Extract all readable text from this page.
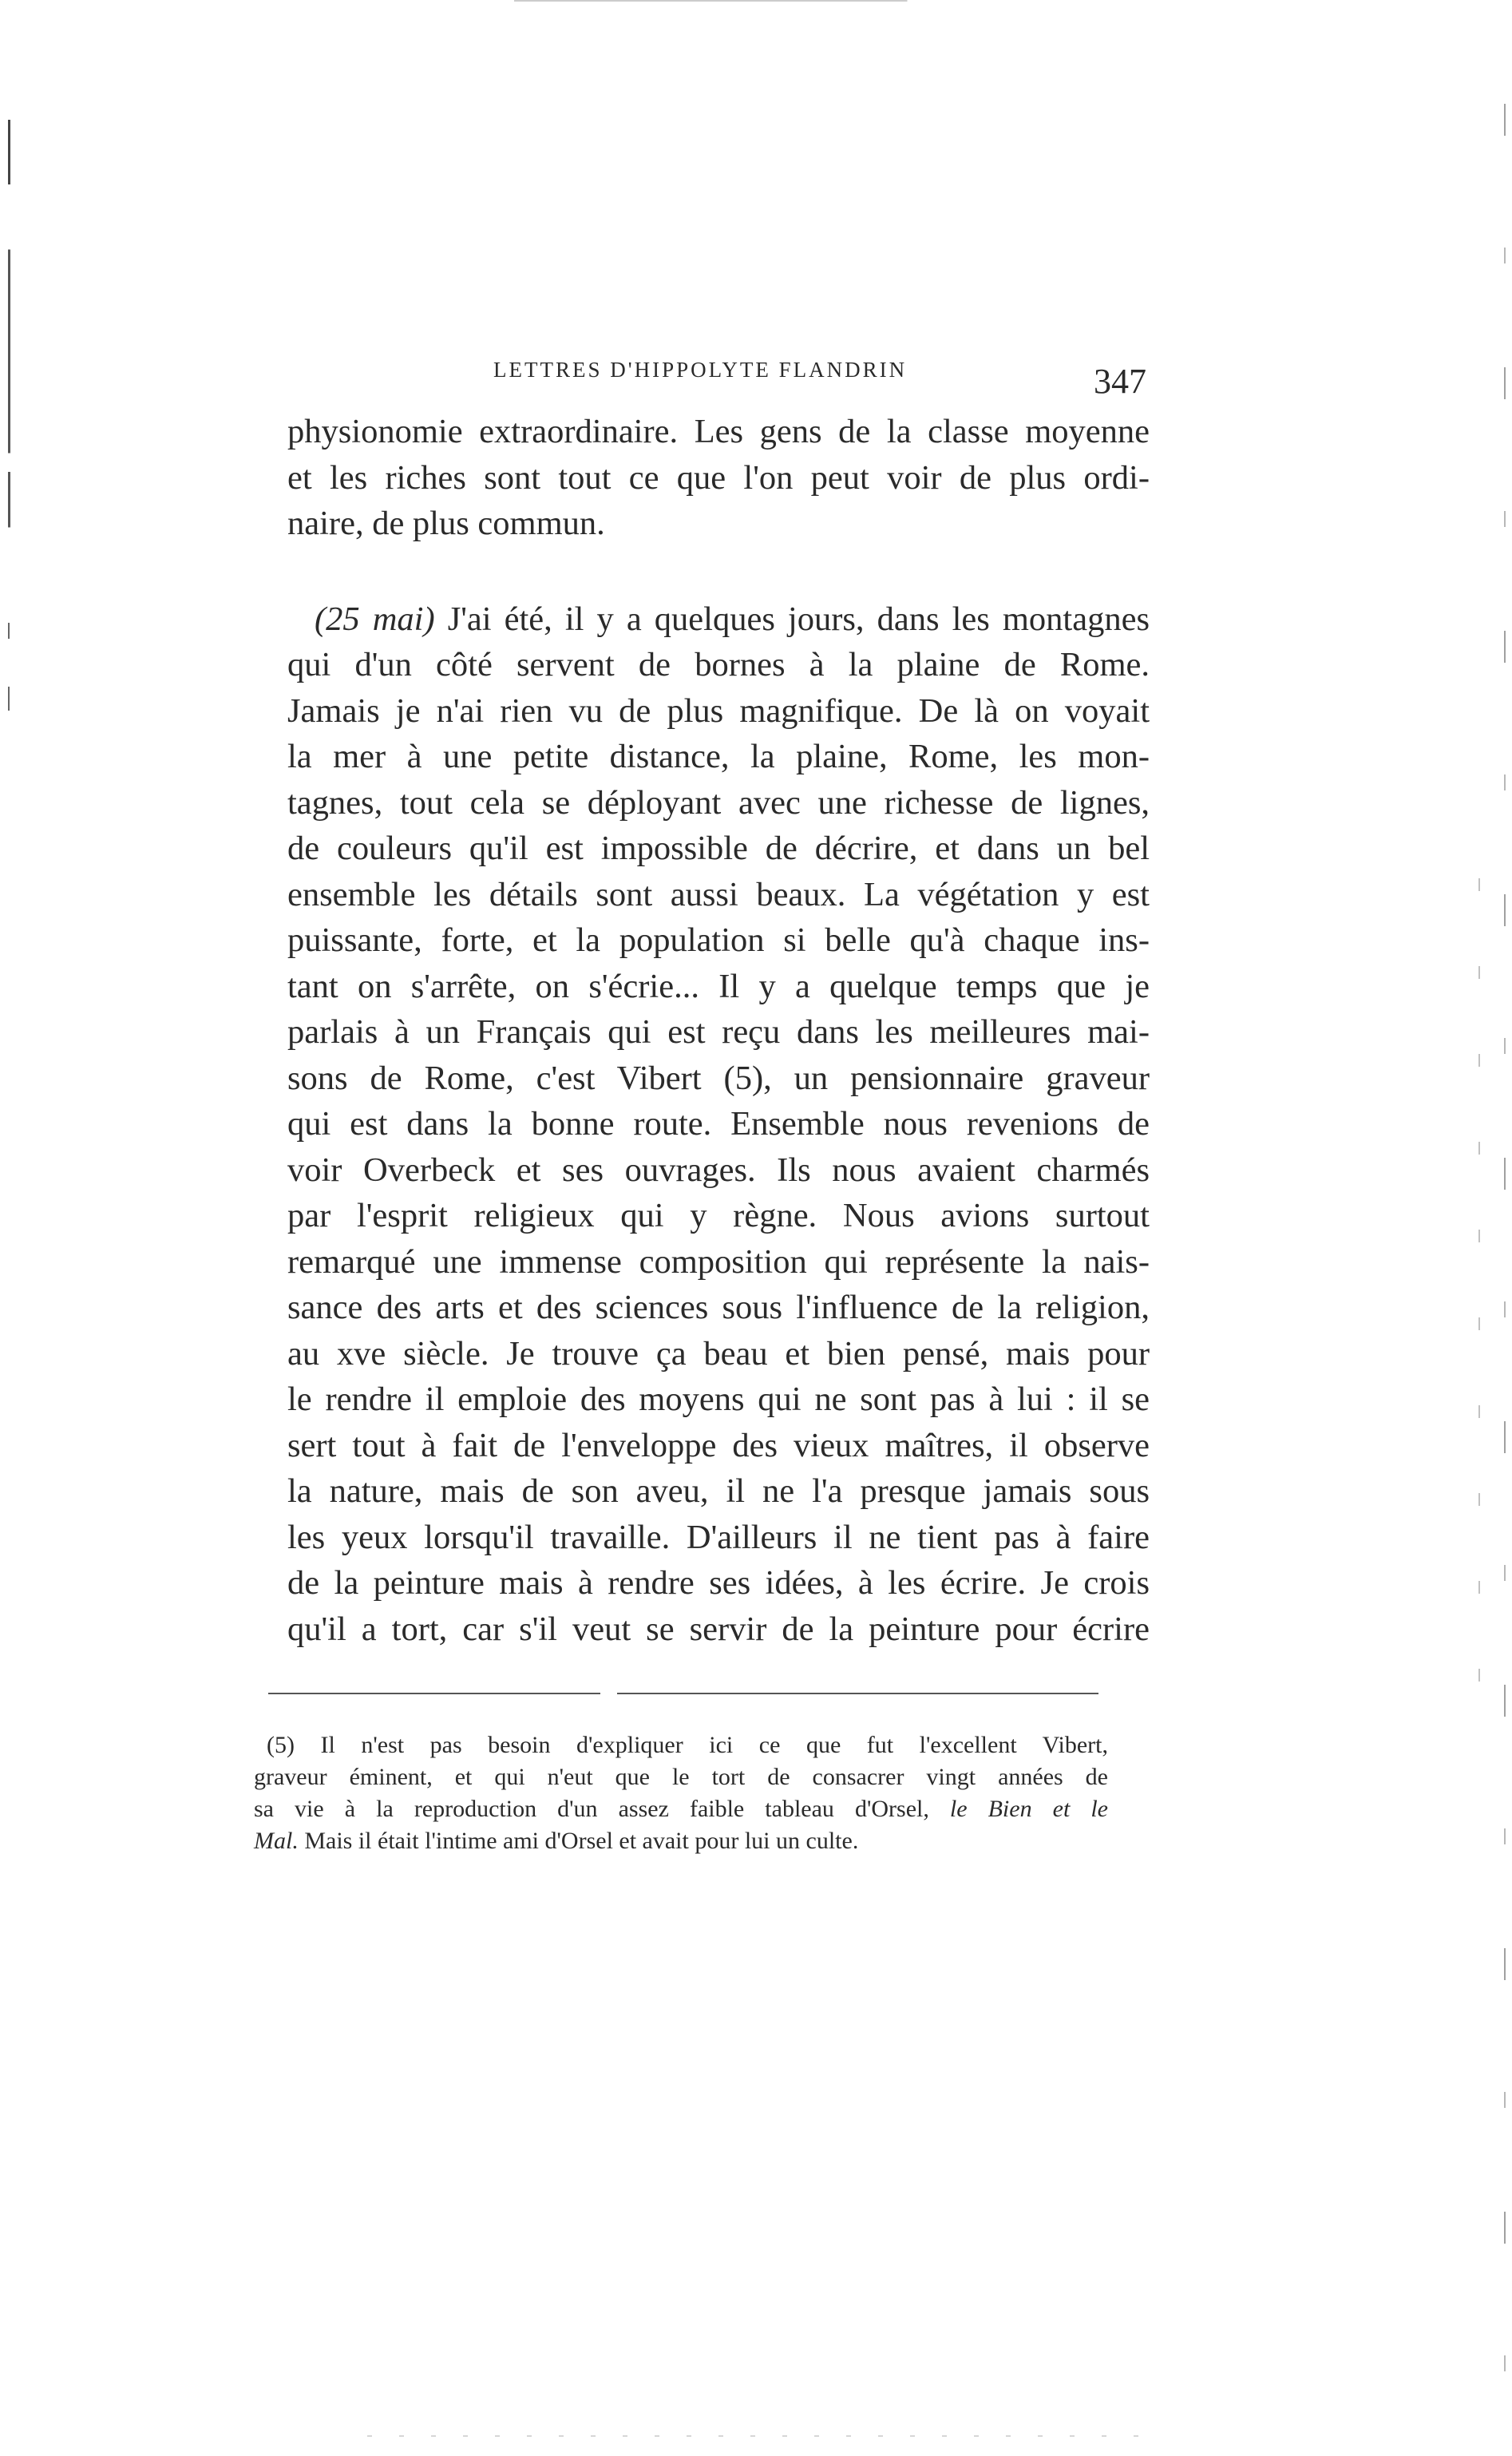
LETTRES D'HIPPOLYTE FLANDRIN	347
physionomie extraordinaire. Les gens de la classe moyenne
et les riches sont tout ce que l'on peut voir de plus ordi-
naire, de plus commun.
(25 mai) J'ai été, il y a quelques jours, dans les montagnes
qui d'un côté servent de bornes à la plaine de Rome.
Jamais je n'ai rien vu de plus magnifique. De là on voyait
la mer à une petite distance, la plaine, Rome, les mon-
tagnes, tout cela se déployant avec une richesse de lignes,
de couleurs qu'il est impossible de décrire, et dans un bel
ensemble les détails sont aussi beaux. La végétation y est
puissante, forte, et la population si belle qu'à chaque ins-
tant on s'arrête, on s'écrie... Il y a quelque temps que je
parlais à un Français qui est reçu dans les meilleures mai-
sons de Rome, c'est Vibert (5), un pensionnaire graveur
qui est dans la bonne route. Ensemble nous revenions de
voir Overbeck et ses ouvrages. Ils nous avaient charmés
par l'esprit religieux qui y règne. Nous avions surtout
remarqué une immense composition qui représente la nais-
sance des arts et des sciences sous l'influence de la religion,
au xve siècle. Je trouve ça beau et bien pensé, mais pour
le rendre il emploie des moyens qui ne sont pas à lui : il se
sert tout à fait de l'enveloppe des vieux maîtres, il observe
la nature, mais de son aveu, il ne l'a presque jamais sous
les yeux lorsqu'il travaille. D'ailleurs il ne tient pas à faire
de la peinture mais à rendre ses idées, à les écrire. Je crois
qu'il a tort, car s'il veut se servir de la peinture pour écrire
(5) Il n'est pas besoin d'expliquer ici ce que fut l'excellent Vibert,
graveur éminent, et qui n'eut que le tort de consacrer vingt années de
sa vie à la reproduction d'un assez faible tableau d'Orsel, le Bien et le
Mal. Mais il était l'intime ami d'Orsel et avait pour lui un culte.
